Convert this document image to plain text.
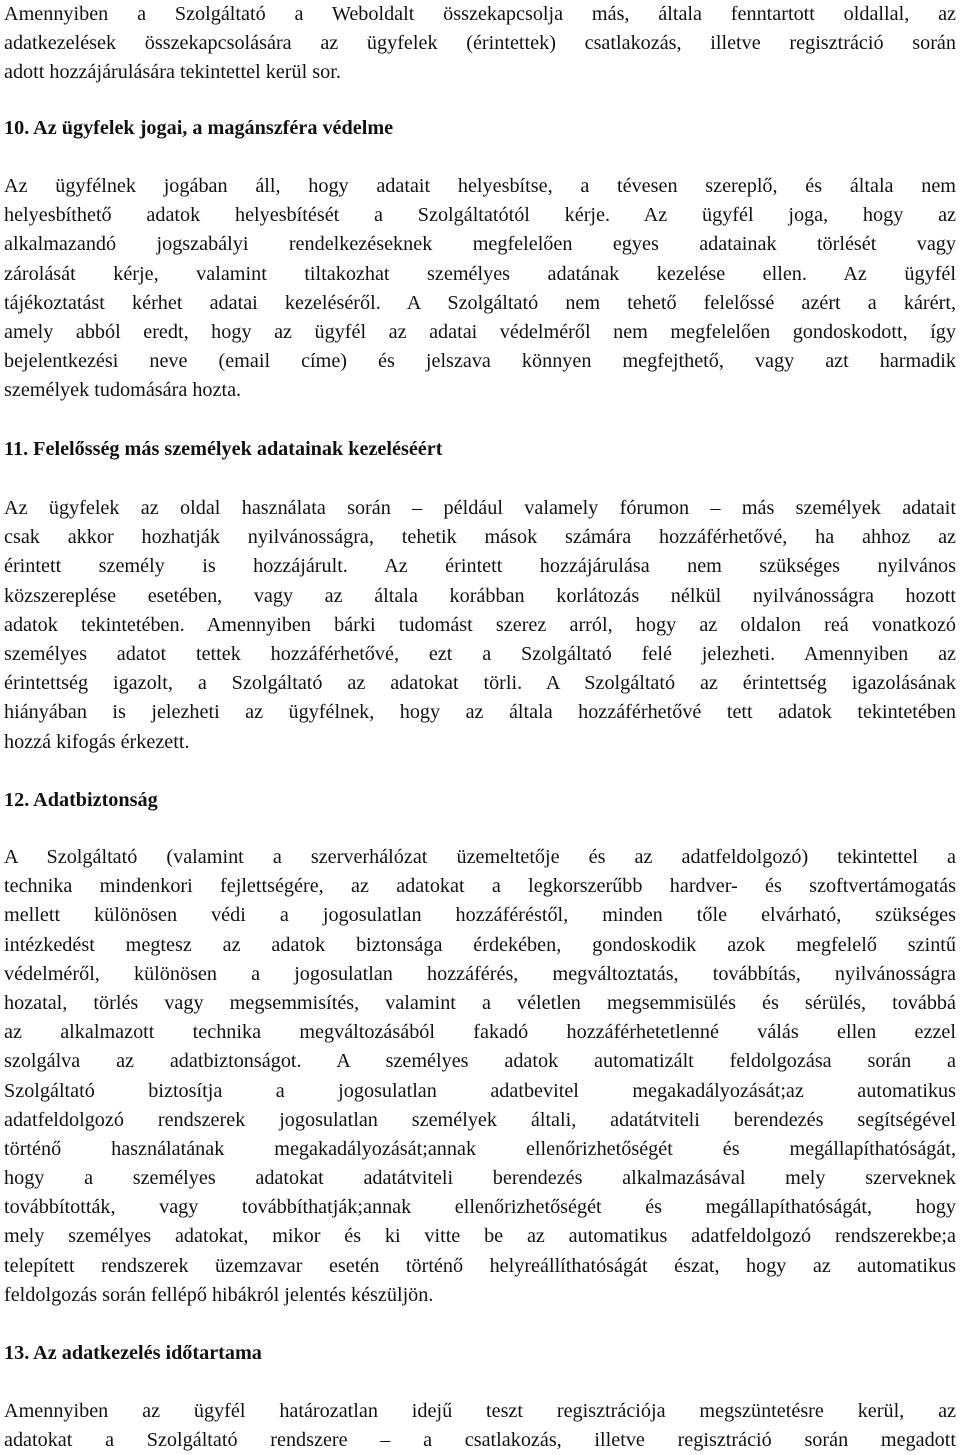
Amennyiben a Szolgáltató a Weboldalt összekapcsolja más, általa fenntartott oldallal, az
adatkezelések összekapcsolására az ügyfelek (érintettek) csatlakozás, illetve regisztráció során
adott hozzájárulására tekintettel kerül sor.
10. Az ügyfelek jogai, a magánszféra védelme
Az ügyfélnek jogában áll, hogy adatait helyesbítse, a tévesen szereplő, és általa nem
helyesbíthető adatok helyesbítését a Szolgáltatótól kérje. Az ügyfél joga, hogy az
alkalmazandó jogszabályi rendelkezéseknek megfelelően egyes adatainak törlését vagy
zárolását kérje, valamint tiltakozhat személyes adatának kezelése ellen. Az ügyfél
tájékoztatást kérhet adatai kezeléséről. A Szolgáltató nem tehető felelőssé azért a kárért,
amely abból eredt, hogy az ügyfél az adatai védelméről nem megfelelően gondoskodott, így
bejelentkezési neve (email címe) és jelszava könnyen megfejthető, vagy azt harmadik
személyek tudomására hozta.
11. Felelősség más személyek adatainak kezeléséért
Az ügyfelek az oldal használata során – például valamely fórumon – más személyek adatait
csak akkor hozhatják nyilvánosságra, tehetik mások számára hozzáférhetővé, ha ahhoz az
érintett személy is hozzájárult. Az érintett hozzájárulása nem szükséges nyilvános
közszereplése esetében, vagy az általa korábban korlátozás nélkül nyilvánosságra hozott
adatok tekintetében. Amennyiben bárki tudomást szerez arról, hogy az oldalon reá vonatkozó
személyes adatot tettek hozzáférhetővé, ezt a Szolgáltató felé jelezheti. Amennyiben az
érintettség igazolt, a Szolgáltató az adatokat törli. A Szolgáltató az érintettség igazolásának
hiányában is jelezheti az ügyfélnek, hogy az általa hozzáférhetővé tett adatok tekintetében
hozzá kifogás érkezett.
12. Adatbiztonság
A Szolgáltató (valamint a szerverhálózat üzemeltetője és az adatfeldolgozó) tekintettel a
technika mindenkori fejlettségére, az adatokat a legkorszerűbb hardver- és szoftvertámogatás
mellett különösen védi a jogosulatlan hozzáféréstől, minden tőle elvárható, szükséges
intézkedést megtesz az adatok biztonsága érdekében, gondoskodik azok megfelelő szintű
védelméről, különösen a jogosulatlan hozzáférés, megváltoztatás, továbbítás, nyilvánosságra
hozatal, törlés vagy megsemmisítés, valamint a véletlen megsemmisülés és sérülés, továbbá
az alkalmazott technika megváltozásából fakadó hozzáférhetetlenné válás ellen ezzel
szolgálva az adatbiztonságot. A személyes adatok automatizált feldolgozása során a
Szolgáltató biztosítja a jogosulatlan adatbevitel megakadályozását;az automatikus
adatfeldolgozó rendszerek jogosulatlan személyek általi, adatátviteli berendezés segítségével
történő használatának megakadályozását;annak ellenőrizhetőségét és megállapíthatóságát,
hogy a személyes adatokat adatátviteli berendezés alkalmazásával mely szerveknek
továbbították, vagy továbbíthatják;annak ellenőrizhetőségét és megállapíthatóságát, hogy
mely személyes adatokat, mikor és ki vitte be az automatikus adatfeldolgozó rendszerekbe;a
telepített rendszerek üzemzavar esetén történő helyreállíthatóságát észat, hogy az automatikus
feldolgozás során fellépő hibákról jelentés készüljön.
13. Az adatkezelés időtartama
Amennyiben az ügyfél határozatlan idejű teszt regisztrációja megszüntetésre kerül, az
adatokat a Szolgáltató rendszere – a csatlakozás, illetve regisztráció során megadott
